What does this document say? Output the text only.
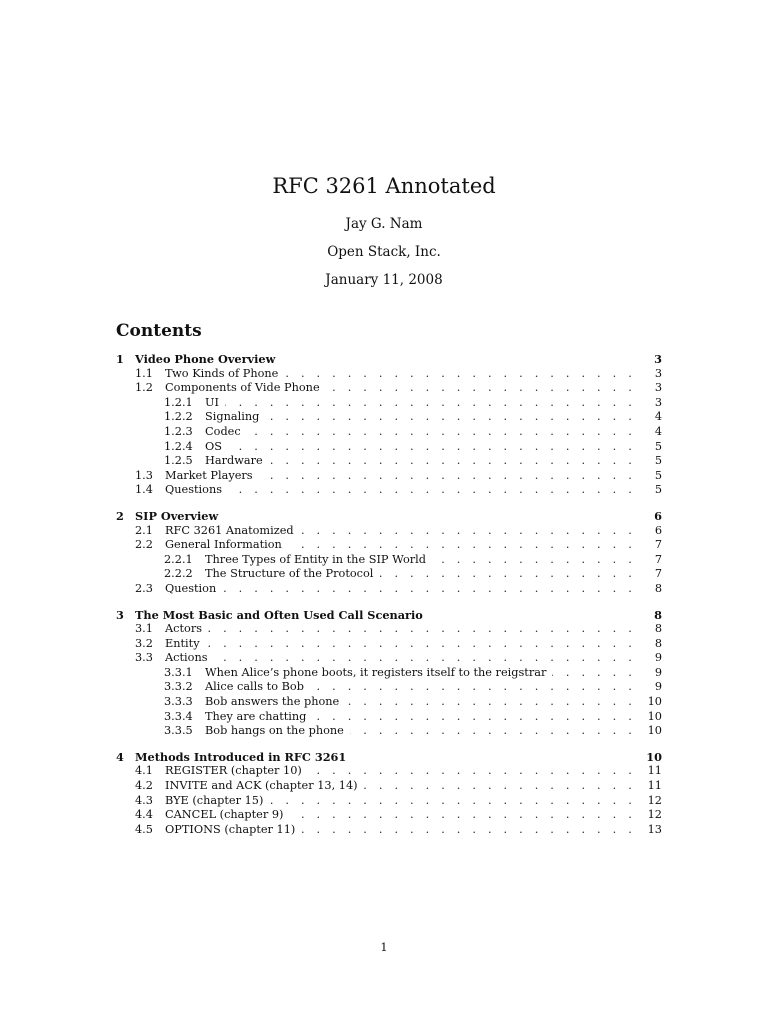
RFC 3261 Annotated
Jay G. Nam
Open Stack, Inc.
January 11, 2008
Contents
1 Video Phone Overview	3
1.1	Two Kinds of Phone . . .	3
1.2	Components of Vide Phone . . .	3
1.2.1	UI . . .	3
1.2.2	Signaling . . .	4
1.2.3	Codec . . .	4
1.2.4	OS . . .	5
1.2.5	Hardware . . .	5
1.3	Market Players . . .	5
1.4	Questions . . .	5
2 SIP Overview	6
2.1	RFC 3261 Anatomized . . .	6
2.2	General Information . . .	7
2.2.1	Three Types of Entity in the SIP World . . .	7
2.2.2	The Structure of the Protocol . . .	7
2.3	Question . . .	8
3 The Most Basic and Often Used Call Scenario	8
3.1	Actors . . .	8
3.2	Entity . . .	8
3.3	Actions . . .	9
3.3.1	When Alice’s phone boots, it registers itself to the reigstrar . . .	9
3.3.2	Alice calls to Bob . . .	9
3.3.3	Bob answers the phone . . .	10
3.3.4	They are chatting . . .	10
3.3.5	Bob hangs on the phone . . .	10
4 Methods Introduced in RFC 3261	10
4.1	REGISTER (chapter 10) . . .	11
4.2	INVITE and ACK (chapter 13, 14) . . .	11
4.3	BYE (chapter 15) . . .	12
4.4	CANCEL (chapter 9) . . .	12
4.5	OPTIONS (chapter 11) . . .	13
1
